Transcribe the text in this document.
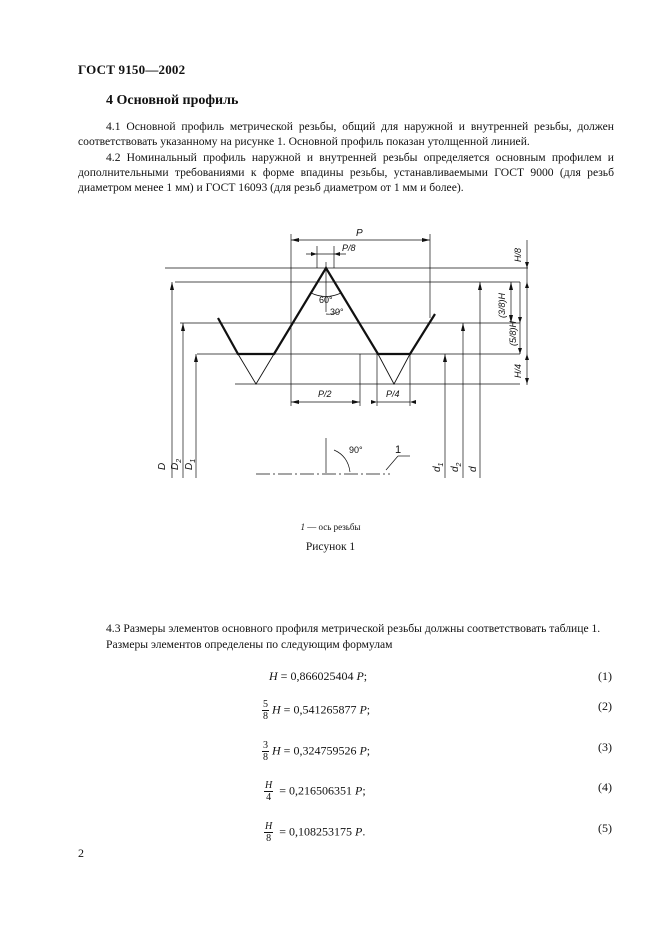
ГОСТ 9150—2002
4 Основной профиль

4.1 Основной профиль метрической резьбы, общий для наружной и внутренней резьбы, должен соответствовать указанному на рисунке 1. Основной профиль показан утолщенной линией.

4.2 Номинальный профиль наружной и внутренней резьбы определяется основным профилем и дополнительными требованиями к форме впадины резьбы, устанавливаемыми ГОСТ 9000 (для резьб диаметром менее 1 мм) и ГОСТ 16093 (для резьб диаметром от 1 мм и более).

P
P/8
60°
30°
P/2	P/4
90°	1
H/8
(3/8)H
(5/8)H
H/4
D $D_2$
$D_1$
$d_1$
$d_2$
d
1 — ось резьбы
Рисунок 1

4.3 Размеры элементов основного профиля метрической резьбы должны соответствовать таблице 1.

Размеры элементов определены по следующим формулам

H = 0,866025404 P;	(1)
$\frac{5}{8}$ H = 0,541265877 P;	(2)
$\frac{3}{8}$ H = 0,324759526 P;	(3)
$\frac{H}{4} = 0,216506351$ P;	(4)
$\frac{H}{8} = 0,108253175$ P.	(5)
2
